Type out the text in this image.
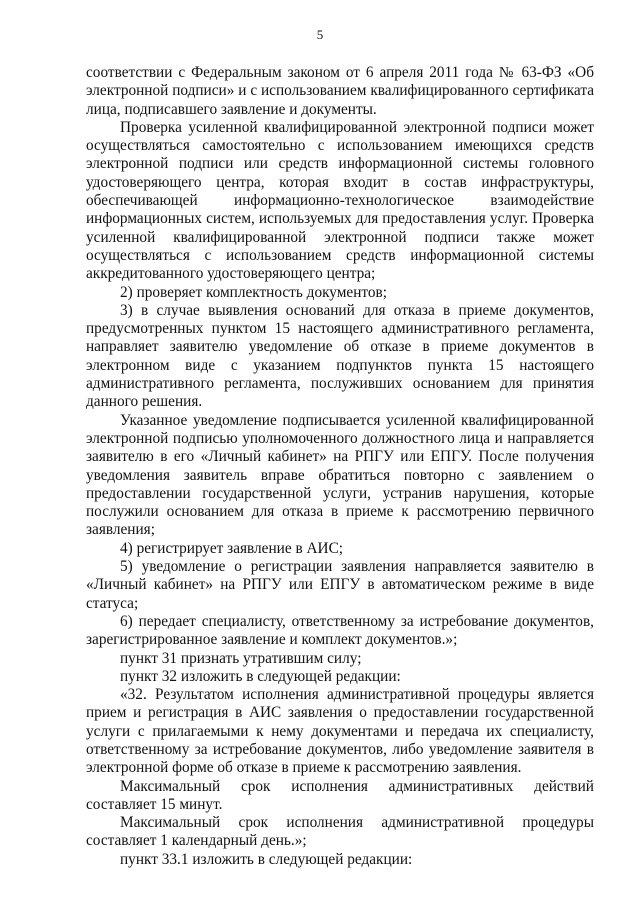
5

соответствии с Федеральным законом от 6 апреля 2011 года № 63-ФЗ «Об электронной подписи» и с использованием квалифицированного сертификата лица, подписавшего заявление и документы.

Проверка усиленной квалифицированной электронной подписи может осуществляться самостоятельно с использованием имеющихся средств электронной подписи или средств информационной системы головного удостоверяющего центра, которая входит в состав инфраструктуры, обеспечивающей информационно-технологическое взаимодействие информационных систем, используемых для предоставления услуг. Проверка усиленной квалифицированной электронной подписи также может осуществляться с использованием средств информационной системы аккредитованного удостоверяющего центра;

2) проверяет комплектность документов;

3) в случае выявления оснований для отказа в приеме документов, предусмотренных пунктом 15 настоящего административного регламента, направляет заявителю уведомление об отказе в приеме документов в электронном виде с указанием подпунктов пункта 15 настоящего административного регламента, послуживших основанием для принятия данного решения.

Указанное уведомление подписывается усиленной квалифицированной электронной подписью уполномоченного должностного лица и направляется заявителю в его «Личный кабинет» на РПГУ или ЕПГУ. После получения уведомления заявитель вправе обратиться повторно с заявлением о предоставлении государственной услуги, устранив нарушения, которые послужили основанием для отказа в приеме к рассмотрению первичного заявления;

4) регистрирует заявление в АИС;

5) уведомление о регистрации заявления направляется заявителю в «Личный кабинет» на РПГУ или ЕПГУ в автоматическом режиме в виде статуса;

6) передает специалисту, ответственному за истребование документов, зарегистрированное заявление и комплект документов.»;

пункт 31 признать утратившим силу;

пункт 32 изложить в следующей редакции:

«32. Результатом исполнения административной процедуры является прием и регистрация в АИС заявления о предоставлении государственной услуги с прилагаемыми к нему документами и передача их специалисту, ответственному за истребование документов, либо уведомление заявителя в электронной форме об отказе в приеме к рассмотрению заявления.

Максимальный срок исполнения административных действий составляет 15 минут.

Максимальный срок исполнения административной процедуры составляет 1 календарный день.»;

пункт 33.1 изложить в следующей редакции:
